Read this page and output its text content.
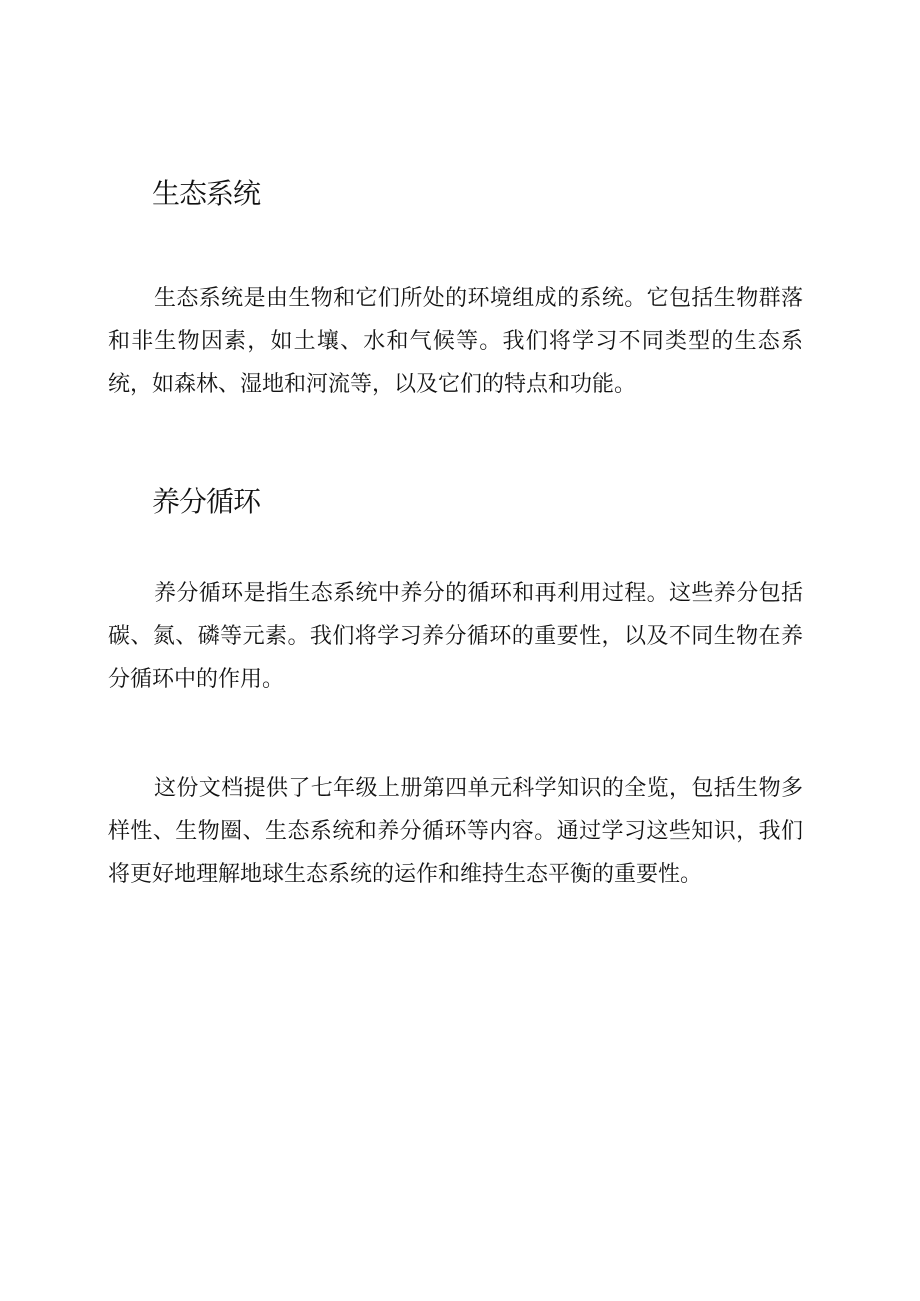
生态系统

生态系统是由生物和它们所处的环境组成的系统。它包括生物群落和非生物因素，如土壤、水和气候等。我们将学习不同类型的生态系统，如森林、湿地和河流等，以及它们的特点和功能。

养分循环

养分循环是指生态系统中养分的循环和再利用过程。这些养分包括碳、氮、磷等元素。我们将学习养分循环的重要性，以及不同生物在养分循环中的作用。

这份文档提供了七年级上册第四单元科学知识的全览，包括生物多样性、生物圈、生态系统和养分循环等内容。通过学习这些知识，我们将更好地理解地球生态系统的运作和维持生态平衡的重要性。
